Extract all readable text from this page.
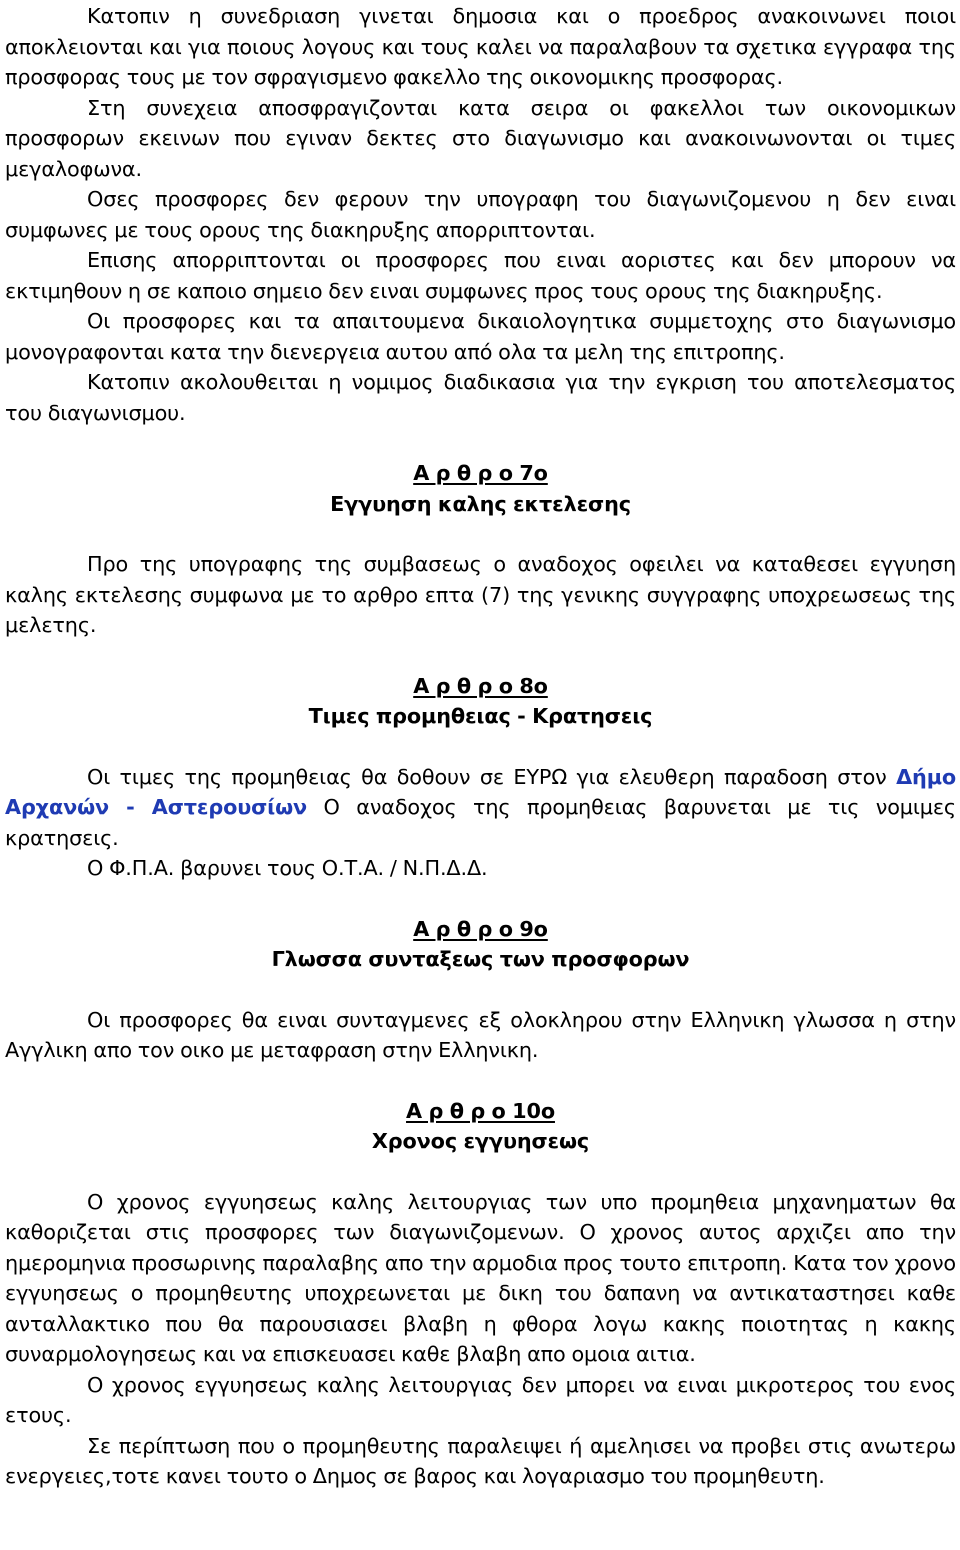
Κατοπιν η συνεδριαση γινεται δημοσια και ο προεδρος ανακοινωνει ποιοι αποκλειονται και για ποιους λογους και τους καλει να παραλαβουν τα σχετικα εγγραφα της προσφορας τους με τον σφραγισμενο φακελλο της οικονομικης προσφορας.

Στη συνεχεια αποσφραγιζονται κατα σειρα οι φακελλοι των οικονομικων προσφορων εκεινων που εγιναν δεκτες στο διαγωνισμο και ανακοινωνονται οι τιμες μεγαλοφωνα.

Οσες προσφορες δεν φερουν την υπογραφη του διαγωνιζομενου η δεν ειναι συμφωνες με τους ορους της διακηρυξης απορριπτονται.

Επισης απορριπτονται οι προσφορες που ειναι αοριστες και δεν μπορουν να εκτιμηθουν η σε καποιο σημειο δεν ειναι συμφωνες προς τους ορους της διακηρυξης.

Οι προσφορες και τα απαιτουμενα δικαιολογητικα συμμετοχης στο διαγωνισμο μονογραφονται κατα την διενεργεια αυτου από ολα τα μελη της επιτροπης.

Κατοπιν ακολουθειται η νομιμος διαδικασια για την εγκριση του αποτελεσματος του διαγωνισμου.

Α ρ θ ρ ο 7ο

Εγγυηση καλης εκτελεσης

Προ της υπογραφης της συμβασεως ο αναδοχος οφειλει να καταθεσει εγγυηση καλης εκτελεσης συμφωνα με το αρθρο επτα (7) της γενικης συγγραφης υποχρεωσεως της μελετης.

Α ρ θ ρ ο 8ο

Τιμες προμηθειας - Κρατησεις

Οι τιμες της προμηθειας θα δοθουν σε ΕΥΡΩ για ελευθερη παραδοση στον Δήμο Αρχανών - Αστερουσίων Ο αναδοχος της προμηθειας βαρυνεται με τις νομιμες κρατησεις.

Ο Φ.Π.Α. βαρυνει τους Ο.Τ.Α. / Ν.Π.Δ.Δ.

Α ρ θ ρ ο 9ο

Γλωσσα συνταξεως των προσφορων

Οι προσφορες θα ειναι συνταγμενες εξ ολοκληρου στην Ελληνικη γλωσσα η στην Αγγλικη απο τον οικο με μεταφραση στην Ελληνικη.

Α ρ θ ρ ο 10ο

Χρονος εγγυησεως

Ο χρονος εγγυησεως καλης λειτουργιας των υπο προμηθεια μηχανηματων θα καθοριζεται στις προσφορες των διαγωνιζομενων. Ο χρονος αυτος αρχιζει απο την ημερομηνια προσωρινης παραλαβης απο την αρμοδια προς τουτο επιτροπη. Κατα τον χρονο εγγυησεως ο προμηθευτης υποχρεωνεται με δικη του δαπανη να αντικαταστησει καθε ανταλλακτικο που θα παρουσιασει βλαβη η φθορα λογω κακης ποιοτητας η κακης συναρμολογησεως και να επισκευασει καθε βλαβη απο ομοια αιτια.

Ο χρονος εγγυησεως καλης λειτουργιας δεν μπορει να ειναι μικροτερος του ενος ετους.

Σε περίπτωση που ο προμηθευτης παραλειψει ή αμεληισει να προβει στις ανωτερω ενεργειες,τοτε κανει τουτο ο Δημος σε βαρος και λογαριασμο του προμηθευτη.
